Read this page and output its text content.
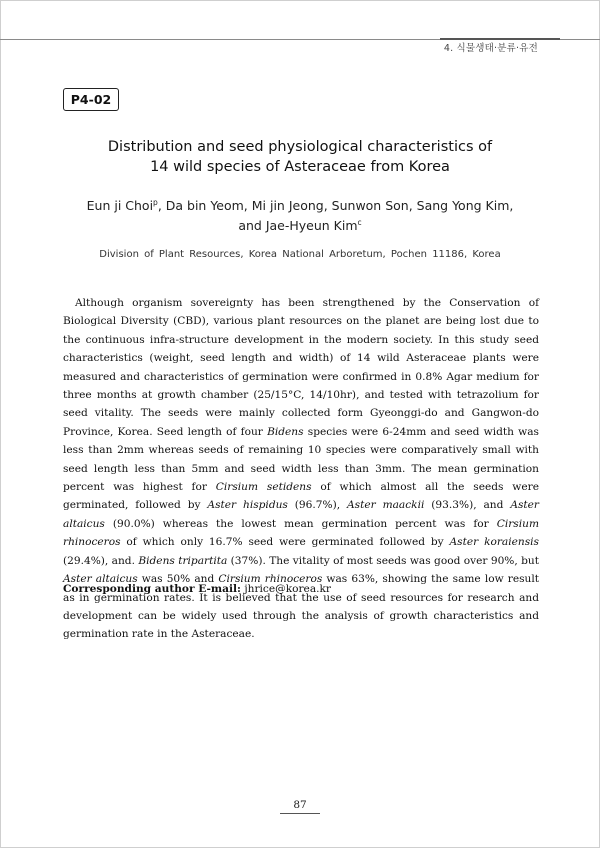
4. 식물생태·분류·유전
P4-02
Distribution and seed physiological characteristics of
14 wild species of Asteraceae from Korea
Eun ji Choi$^p$, Da bin Yeom, Mi jin Jeong, Sunwon Son, Sang Yong Kim,
and Jae-Hyeun Kim$^c$
Division of Plant Resources, Korea National Arboretum, Pochen 11186, Korea

Although organism sovereignty has been strengthened by the Conservation of Biological Diversity (CBD), various plant resources on the planet are being lost due to the continuous infra-structure development in the modern society. In this study seed characteristics (weight, seed length and width) of 14 wild Asteraceae plants were measured and characteristics of germination were confirmed in 0.8% Agar medium for three months at growth chamber (25/15°C, 14/10hr), and tested with tetrazolium for seed vitality. The seeds were mainly collected form Gyeonggi-do and Gangwon-do Province, Korea. Seed length of four Bidens species were 6-24mm and seed width was less than 2mm whereas seeds of remaining 10 species were comparatively small with seed length less than 5mm and seed width less than 3mm. The mean germination percent was highest for Cirsium setidens of which almost all the seeds were germinated, followed by Aster hispidus (96.7%), Aster maackii (93.3%), and Aster altaicus (90.0%) whereas the lowest mean germination percent was for Cirsium rhinoceros of which only 16.7% seed were germinated followed by Aster koraiensis (29.4%), and. Bidens tripartita (37%). The vitality of most seeds was good over 90%, but Aster altaicus was 50% and Cirsium rhinoceros was 63%, showing the same low result as in germination rates. It is believed that the use of seed resources for research and development can be widely used through the analysis of growth characteristics and germination rate in the Asteraceae.

Corresponding author E-mail: jhrice@korea.kr
87
